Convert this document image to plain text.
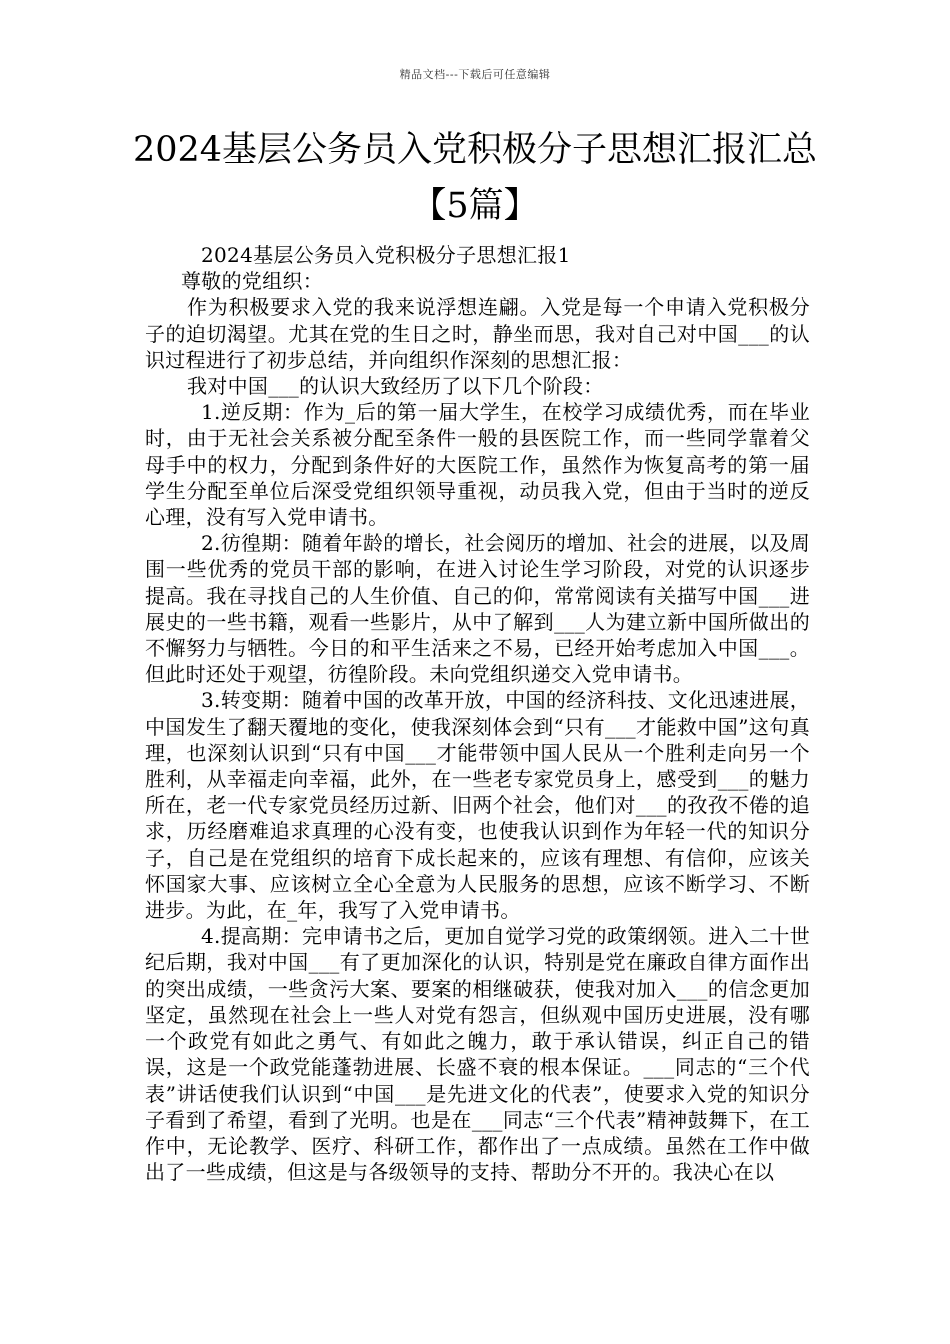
精品文档---下载后可任意编辑
2024基层公务员入党积极分子思想汇报汇总【5篇】

2024基层公务员入党积极分子思想汇报1

尊敬的党组织：

作为积极要求入党的我来说浮想连翩。入党是每一个申请入党积极分子的迫切渴望。尤其在党的生日之时，静坐而思，我对自己对中国___的认识过程进行了初步总结，并向组织作深刻的思想汇报：

我对中国___的认识大致经历了以下几个阶段：

1.逆反期：作为_后的第一届大学生，在校学习成绩优秀，而在毕业时，由于无社会关系被分配至条件一般的县医院工作，而一些同学靠着父母手中的权力，分配到条件好的大医院工作，虽然作为恢复高考的第一届学生分配至单位后深受党组织领导重视，动员我入党，但由于当时的逆反心理，没有写入党申请书。

2.彷徨期：随着年龄的增长，社会阅历的增加、社会的进展，以及周围一些优秀的党员干部的影响，在进入讨论生学习阶段，对党的认识逐步提高。我在寻找自己的人生价值、自己的仰，常常阅读有关描写中国___进展史的一些书籍，观看一些影片，从中了解到___人为建立新中国所做出的不懈努力与牺牲。今日的和平生活来之不易，已经开始考虑加入中国___。但此时还处于观望，彷徨阶段。未向党组织递交入党申请书。

3.转变期：随着中国的改革开放，中国的经济科技、文化迅速进展，中国发生了翻天覆地的变化，使我深刻体会到“只有___才能救中国”这句真理，也深刻认识到“只有中国___才能带领中国人民从一个胜利走向另一个胜利，从幸福走向幸福，此外，在一些老专家党员身上，感受到___的魅力所在，老一代专家党员经历过新、旧两个社会，他们对___的孜孜不倦的追求，历经磨难追求真理的心没有变，也使我认识到作为年轻一代的知识分子，自己是在党组织的培育下成长起来的，应该有理想、有信仰，应该关怀国家大事、应该树立全心全意为人民服务的思想，应该不断学习、不断进步。为此，在_年，我写了入党申请书。

4.提高期：完申请书之后，更加自觉学习党的政策纲领。进入二十世纪后期，我对中国___有了更加深化的认识，特别是党在廉政自律方面作出的突出成绩，一些贪污大案、要案的相继破获，使我对加入___的信念更加坚定，虽然现在社会上一些人对党有怨言，但纵观中国历史进展，没有哪一个政党有如此之勇气、有如此之魄力，敢于承认错误，纠正自己的错误，这是一个政党能蓬勃进展、长盛不衰的根本保证。___同志的“三个代表”讲话使我们认识到“中国___是先进文化的代表”，使要求入党的知识分子看到了希望，看到了光明。也是在___同志“三个代表”精神鼓舞下，在工作中，无论教学、医疗、科研工作，都作出了一点成绩。虽然在工作中做出了一些成绩，但这是与各级领导的支持、帮助分不开的。我决心在以
